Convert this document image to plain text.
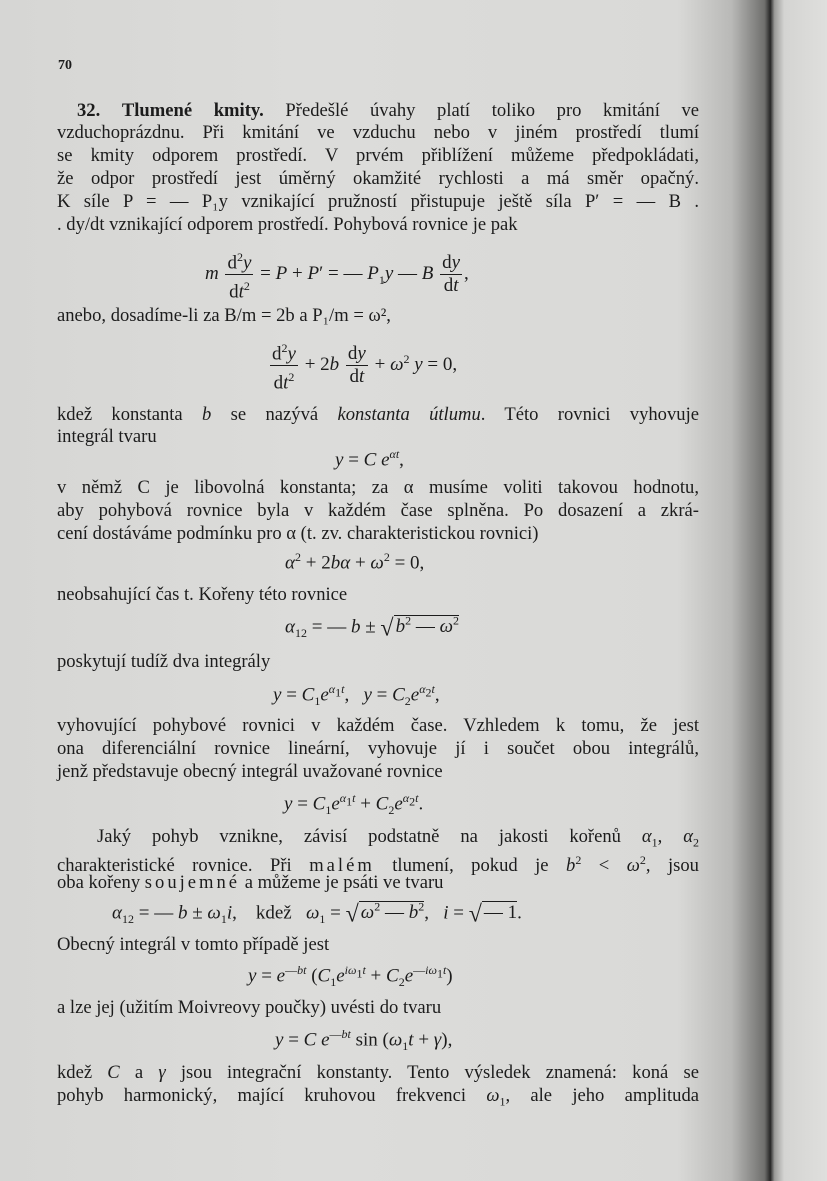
70
32. Tlumené kmity. Předešlé úvahy platí toliko pro kmitání ve
vzduchoprázdnu. Při kmitání ve vzduchu nebo v jiném prostředí tlumí
se kmity odporem prostředí. V prvém přiblížení můžeme předpokládati,
že odpor prostředí jest úměrný okamžité rychlosti a má směr opačný.
K síle P = — P₁y vznikající pružností přistupuje ještě síla P′ = — B .
. dy/dt vznikající odporem prostředí. Pohybová rovnice je pak
m $\frac{d^2y}{dt^2} = P + P'$ = — $P_1y$ — B $\frac{dy}{dt}$ ,
anebo, dosadíme-li za B/m = 2b a P₁/m = ω²,
$\frac{d^2y}{dt^2} + 2b \frac{dy}{dt} + \omega^2$ y = 0,
kdež konstanta b se nazývá konstanta útlumu. Této rovnici vyhovuje
integrál tvaru
y = C $e^{\alpha t}$,
v němž C je libovolná konstanta; za α musíme voliti takovou hodnotu,
aby pohybová rovnice byla v každém čase splněna. Po dosazení a zkrá-
cení dostáváme podmínku pro α (t. zv. charakteristickou rovnici)
$\alpha^2 + 2b\alpha + \omega^2 = 0$,
neobsahující čas t. Kořeny této rovnice
$\alpha_{12}$ = — b ± √ $b^2$ — $\omega^2$
poskytují tudíž dva integrály
$y = C_1e^{\alpha_1t}$,   $y = C_2e^{\alpha_2t}$,
vyhovující pohybové rovnici v každém čase. Vzhledem k tomu, že jest
ona diferenciální rovnice lineární, vyhovuje jí i součet obou integrálů,
jenž představuje obecný integrál uvažované rovnice
$y = C_1e^{\alpha_1t} + C_2e^{\alpha_2t}$.
Jaký pohyb vznikne, závisí podstatně na jakosti kořenů $\alpha_1$, $\alpha_2$
charakteristické rovnice. Při malém tlumení, pokud je $b^2 < \omega^2$, jsou
oba kořeny soujemné a můžeme je psáti ve tvaru
$\alpha_{12}$ = — $b \pm \omega_1i$,    kdež   $\omega_1$ = √ $\omega^2$ — $b^2$,   i = √ — 1.
Obecný integrál v tomto případě jest
$y = e^{—bt}$ $(C_1e^{i\omega_1t} + C_2e^{—i\omega_1t})$
a lze jej (užitím Moivreovy poučky) uvésti do tvaru
y = C $e^{—bt}$ $\sin (\omega_1t + \gamma)$,
kdež C a γ jsou integrační konstanty. Tento výsledek znamená: koná se
pohyb harmonický, mající kruhovou frekvenci $\omega_1$, ale jeho amplituda
